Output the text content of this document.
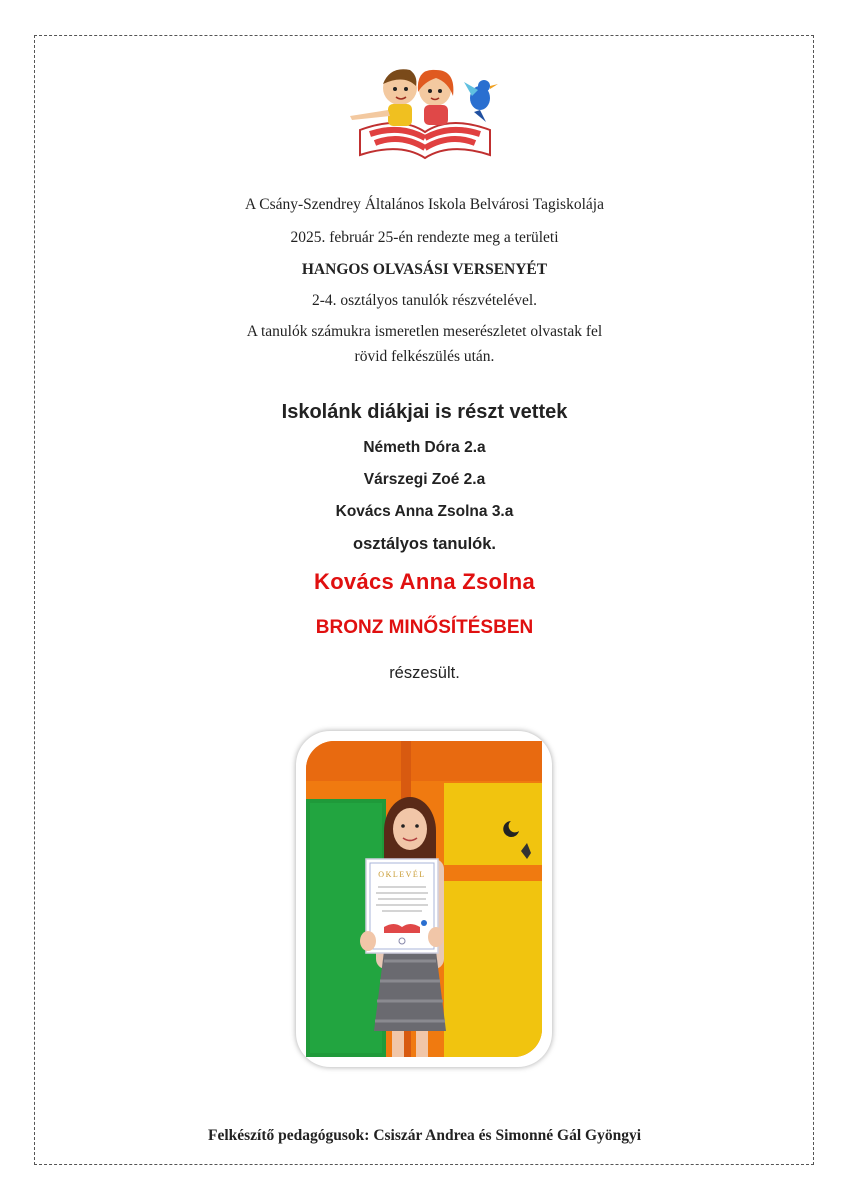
A Csány-Szendrey Általános Iskola Belvárosi Tagiskolája
2025. február 25-én rendezte meg a területi
HANGOS OLVASÁSI VERSENYÉT
2-4. osztályos tanulók részvételével.
A tanulók számukra ismeretlen meserészletet olvastak fel
rövid felkészülés után.
Iskolánk diákjai is részt vettek
Németh Dóra 2.a
Várszegi Zoé 2.a
Kovács Anna Zsolna 3.a
osztályos tanulók.
Kovács Anna Zsolna
BRONZ MINŐSÍTÉSBEN
részesült.
OKLEVÉL
Felkészítő pedagógusok: Csiszár Andrea és Simonné Gál Gyöngyi
